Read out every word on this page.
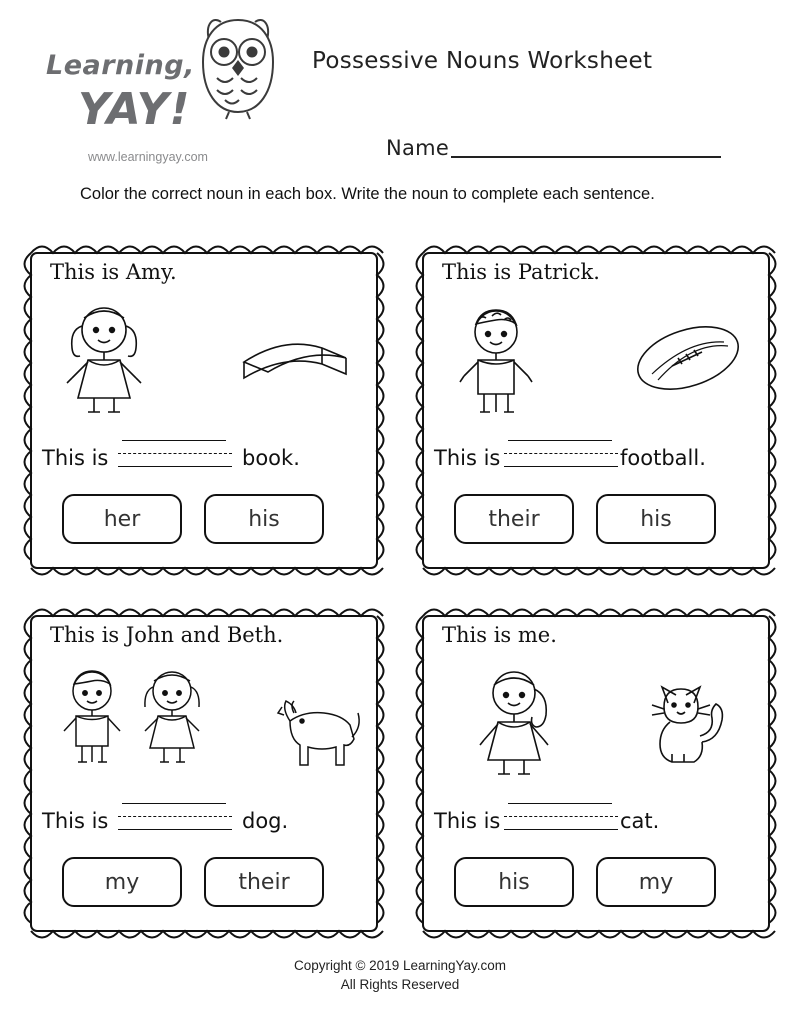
Learning,
YAY!
www.learningyay.com
Possessive Nouns Worksheet
Name
Color the correct noun in each box. Write the noun to complete each sentence.
This is Amy.
This is	book.
her	his
This is Patrick.
This is	football.
their	his
This is John and Beth.
This is	dog.
my	their
This is me.
This is	cat.
his	my
Copyright © 2019 LearningYay.com
All Rights Reserved
